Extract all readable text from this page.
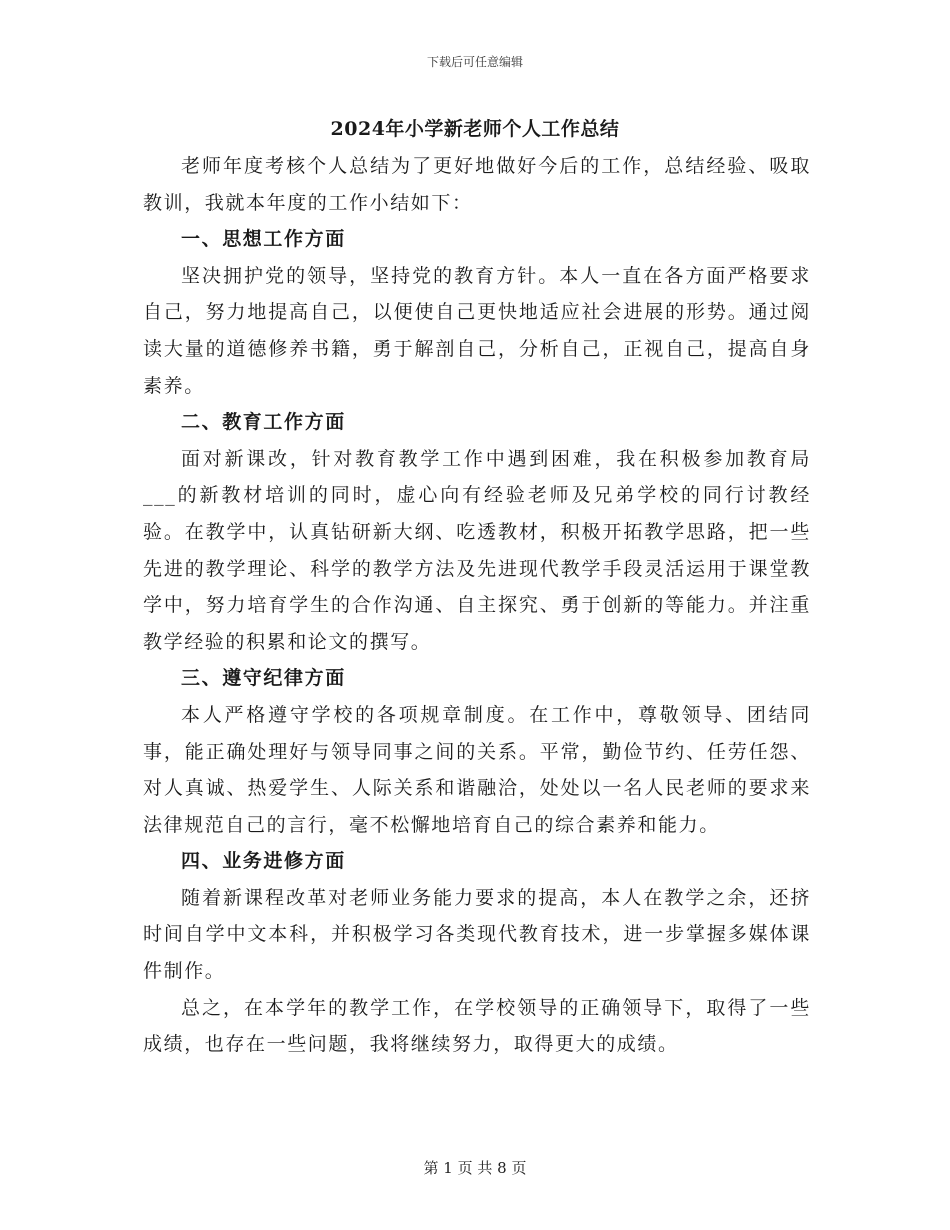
下载后可任意编辑
2024年小学新老师个人工作总结

老师年度考核个人总结为了更好地做好今后的工作，总结经验、吸取教训，我就本年度的工作小结如下：

一、思想工作方面

坚决拥护党的领导，坚持党的教育方针。本人一直在各方面严格要求自己，努力地提高自己，以便使自己更快地适应社会进展的形势。通过阅读大量的道德修养书籍，勇于解剖自己，分析自己，正视自己，提高自身素养。

二、教育工作方面

面对新课改，针对教育教学工作中遇到困难，我在积极参加教育局___的新教材培训的同时，虚心向有经验老师及兄弟学校的同行讨教经验。在教学中，认真钻研新大纲、吃透教材，积极开拓教学思路，把一些先进的教学理论、科学的教学方法及先进现代教学手段灵活运用于课堂教学中，努力培育学生的合作沟通、自主探究、勇于创新的等能力。并注重教学经验的积累和论文的撰写。

三、遵守纪律方面

本人严格遵守学校的各项规章制度。在工作中，尊敬领导、团结同事，能正确处理好与领导同事之间的关系。平常，勤俭节约、任劳任怨、对人真诚、热爱学生、人际关系和谐融洽，处处以一名人民老师的要求来法律规范自己的言行，毫不松懈地培育自己的综合素养和能力。

四、业务进修方面

随着新课程改革对老师业务能力要求的提高，本人在教学之余，还挤时间自学中文本科，并积极学习各类现代教育技术，进一步掌握多媒体课件制作。

总之，在本学年的教学工作，在学校领导的正确领导下，取得了一些成绩，也存在一些问题，我将继续努力，取得更大的成绩。

第 1 页 共 8 页
